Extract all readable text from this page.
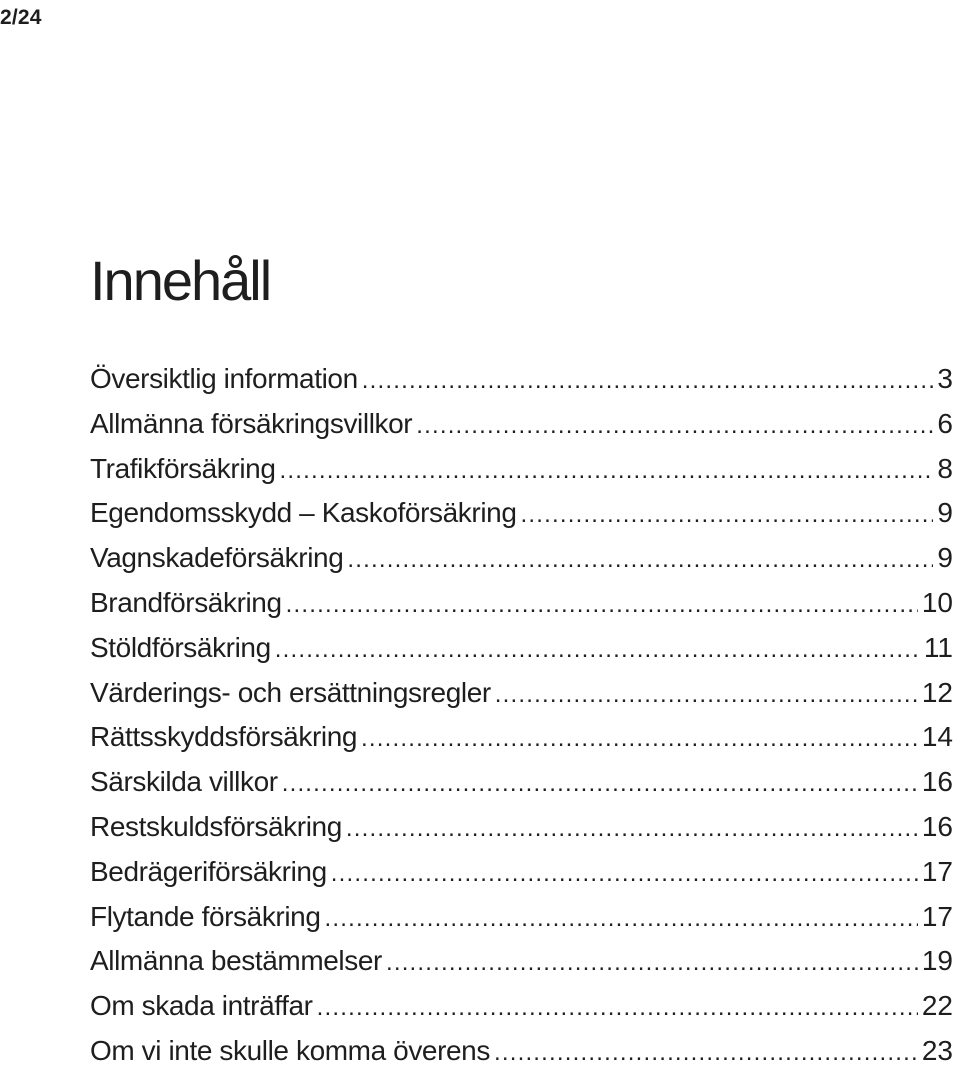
2/24
Innehåll
Översiktlig information .....	3
Allmänna försäkringsvillkor .....	6
Trafikförsäkring .....	8
Egendomsskydd – Kaskoförsäkring .....	9
Vagnskadeförsäkring .....	9
Brandförsäkring .....	10
Stöldförsäkring .....	11
Värderings- och ersättningsregler .....	12
Rättsskyddsförsäkring .....	14
Särskilda villkor .....	16
Restskuldsförsäkring .....	16
Bedrägeriförsäkring .....	17
Flytande försäkring .....	17
Allmänna bestämmelser .....	19
Om skada inträffar .....	22
Om vi inte skulle komma överens .....	23
